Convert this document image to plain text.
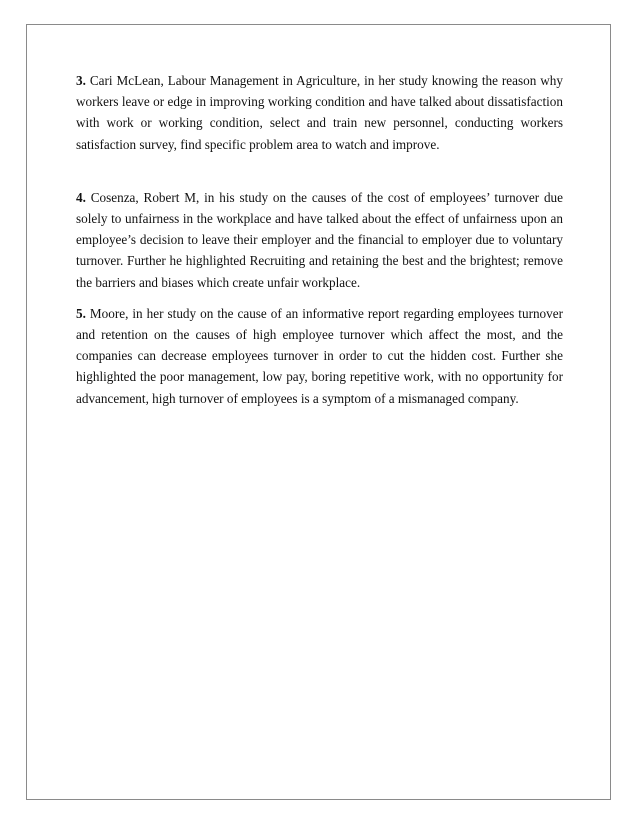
3. Cari McLean, Labour Management in Agriculture, in her study knowing the reason why workers leave or edge in improving working condition and have talked about dissatisfaction with work or working condition, select and train new personnel, conducting workers satisfaction survey, find specific problem area to watch and improve.

4. Cosenza, Robert M, in his study on the causes of the cost of employees’ turnover due solely to unfairness in the workplace and have talked about the effect of unfairness upon an employee’s decision to leave their employer and the financial to employer due to voluntary turnover. Further he highlighted Recruiting and retaining the best and the brightest; remove the barriers and biases which create unfair workplace.

5. Moore, in her study on the cause of an informative report regarding employees turnover and retention on the causes of high employee turnover which affect the most, and the companies can decrease employees turnover in order to cut the hidden cost. Further she highlighted the poor management, low pay, boring repetitive work, with no opportunity for advancement, high turnover of employees is a symptom of a mismanaged company.
